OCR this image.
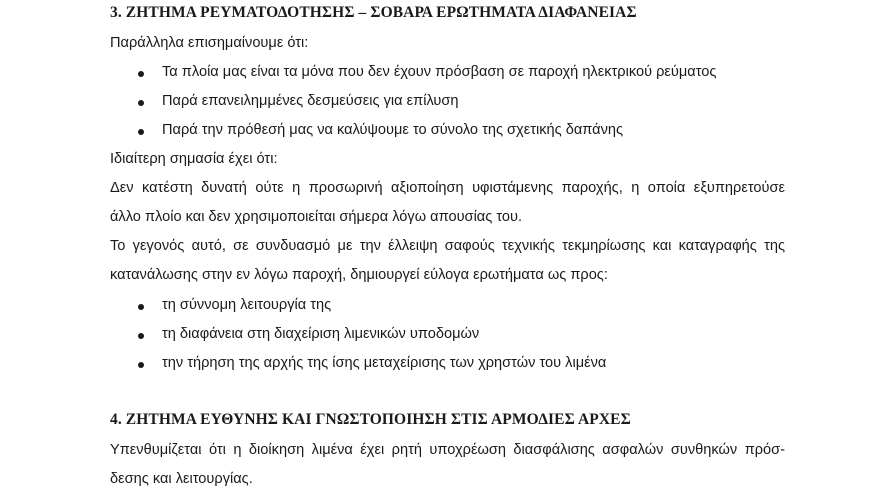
3. ΖΗΤΗΜΑ ΡΕΥΜΑΤΟΔΟΤΗΣΗΣ – ΣΟΒΑΡΑ ΕΡΩΤΗΜΑΤΑ ΔΙΑΦΑΝΕΙΑΣ
Παράλληλα επισημαίνουμε ότι:
Τα πλοία μας είναι τα μόνα που δεν έχουν πρόσβαση σε παροχή ηλεκτρικού ρεύματος
Παρά επανειλημμένες δεσμεύσεις για επίλυση
Παρά την πρόθεσή μας να καλύψουμε το σύνολο της σχετικής δαπάνης
Ιδιαίτερη σημασία έχει ότι:
Δεν κατέστη δυνατή ούτε η προσωρινή αξιοποίηση υφιστάμενης παροχής, η οποία εξυπηρετούσε
άλλο πλοίο και δεν χρησιμοποιείται σήμερα λόγω απουσίας του.
Το γεγονός αυτό, σε συνδυασμό με την έλλειψη σαφούς τεχνικής τεκμηρίωσης και καταγραφής της
κατανάλωσης στην εν λόγω παροχή, δημιουργεί εύλογα ερωτήματα ως προς:
τη σύννομη λειτουργία της
τη διαφάνεια στη διαχείριση λιμενικών υποδομών
την τήρηση της αρχής της ίσης μεταχείρισης των χρηστών του λιμένα
4. ΖΗΤΗΜΑ ΕΥΘΥΝΗΣ ΚΑΙ ΓΝΩΣΤΟΠΟΙΗΣΗ ΣΤΙΣ ΑΡΜΟΔΙΕΣ ΑΡΧΕΣ
Υπενθυμίζεται ότι η διοίκηση λιμένα έχει ρητή υποχρέωση διασφάλισης ασφαλών συνθηκών πρόσ-
δεσης και λειτουργίας.
